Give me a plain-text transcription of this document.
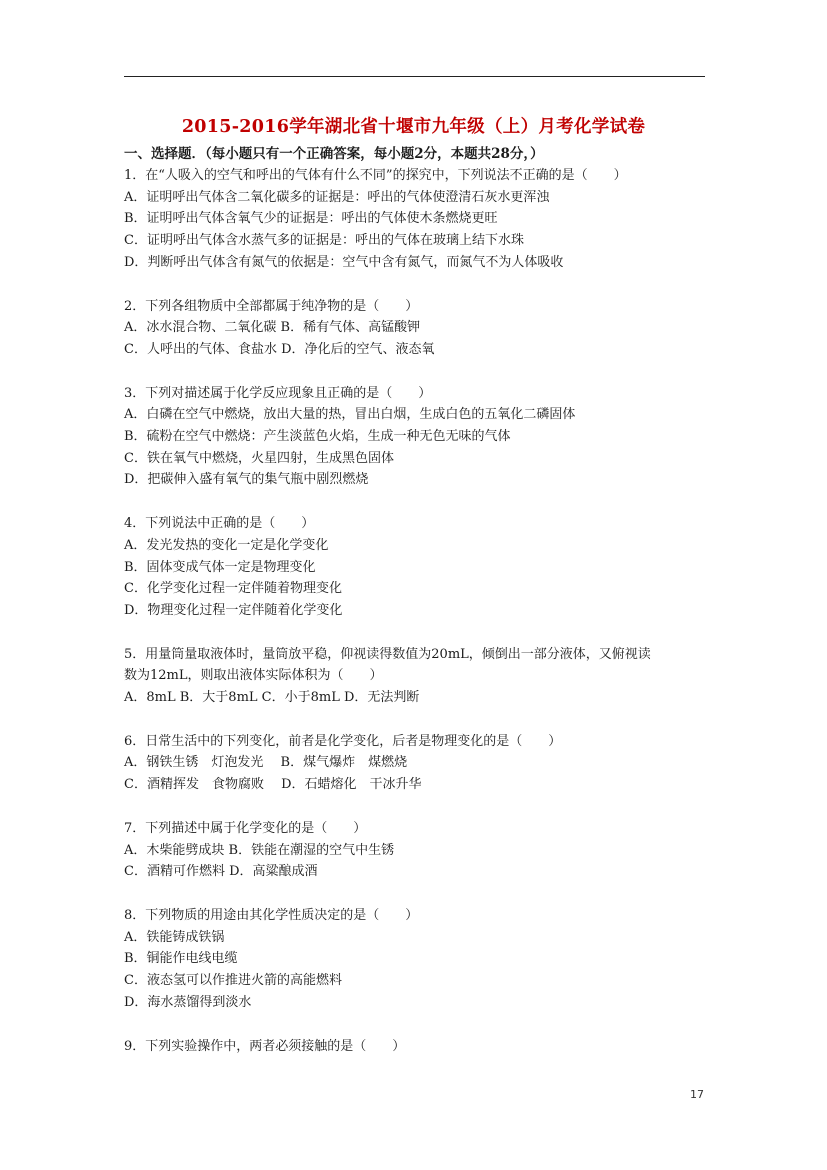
2015-2016学年湖北省十堰市九年级（上）月考化学试卷
一、选择题．（每小题只有一个正确答案，每小题2分，本题共28分，）
1．在“人吸入的空气和呼出的气体有什么不同”的探究中，下列说法不正确的是（　　）
A．证明呼出气体含二氧化碳多的证据是：呼出的气体使澄清石灰水更浑浊
B．证明呼出气体含氧气少的证据是：呼出的气体使木条燃烧更旺
C．证明呼出气体含水蒸气多的证据是：呼出的气体在玻璃上结下水珠
D．判断呼出气体含有氮气的依据是：空气中含有氮气，而氮气不为人体吸收
2．下列各组物质中全部都属于纯净物的是（　　）
A．冰水混合物、二氧化碳 B．稀有气体、高锰酸钾
C．人呼出的气体、食盐水 D．净化后的空气、液态氧
3．下列对描述属于化学反应现象且正确的是（　　）
A．白磷在空气中燃烧，放出大量的热，冒出白烟，生成白色的五氧化二磷固体
B．硫粉在空气中燃烧：产生淡蓝色火焰，生成一种无色无味的气体
C．铁在氧气中燃烧，火星四射，生成黑色固体
D．把碳伸入盛有氧气的集气瓶中剧烈燃烧
4．下列说法中正确的是（　　）
A．发光发热的变化一定是化学变化
B．固体变成气体一定是物理变化
C．化学变化过程一定伴随着物理变化
D．物理变化过程一定伴随着化学变化
5．用量筒量取液体时，量筒放平稳，仰视读得数值为20mL，倾倒出一部分液体，又俯视读
数为12mL，则取出液体实际体积为（　　）
A．8mL B．大于8mL C．小于8mL D．无法判断
6．日常生活中的下列变化，前者是化学变化，后者是物理变化的是（　　）
A．钢铁生锈　灯泡发光　 B．煤气爆炸　煤燃烧
C．酒精挥发　食物腐败　 D．石蜡熔化　干冰升华
7．下列描述中属于化学变化的是（　　）
A．木柴能劈成块 B．铁能在潮湿的空气中生锈
C．酒精可作燃料 D．高粱酿成酒
8．下列物质的用途由其化学性质决定的是（　　）
A．铁能铸成铁锅
B．铜能作电线电缆
C．液态氢可以作推进火箭的高能燃料
D．海水蒸馏得到淡水
9．下列实验操作中，两者必须接触的是（　　）
17
